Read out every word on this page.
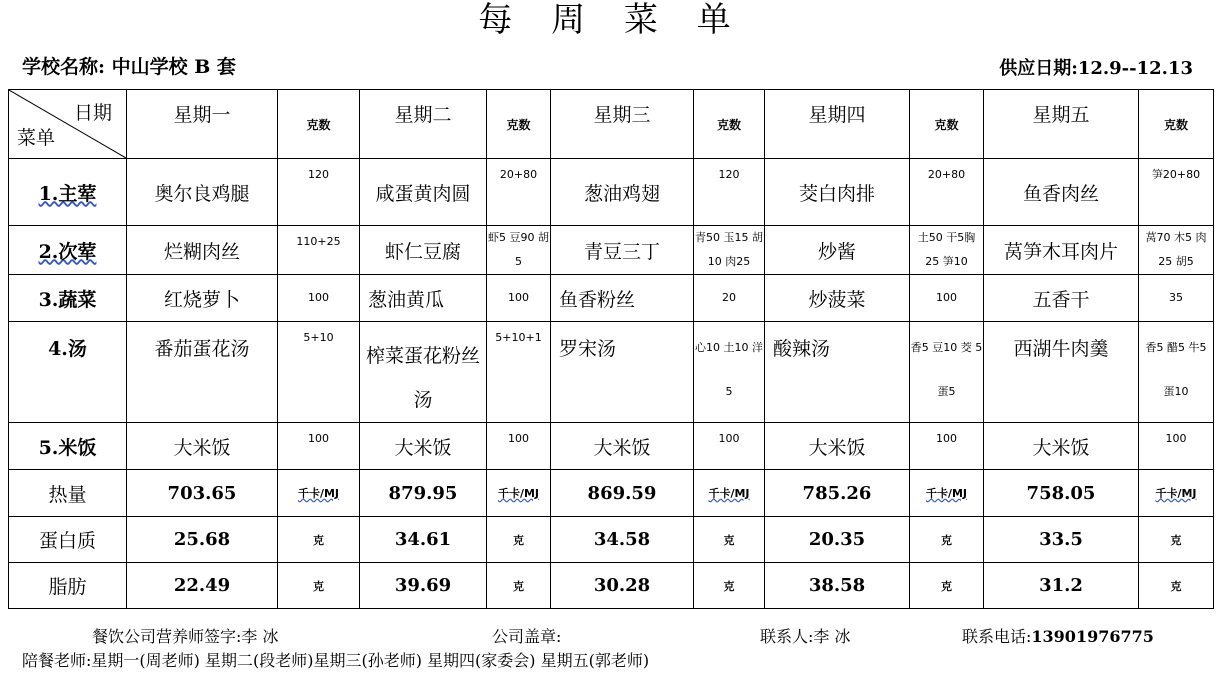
每 周 菜 单
学校名称: 中山学校 B 套	供应日期:12.9--12.13
日期
菜单	星期一	克数	星期二	克数	星期三	克数	星期四	克数	星期五	克数
1.主荤	奥尔良鸡腿	120	咸蛋黄肉圆	20+80	葱油鸡翅	120	茭白肉排	20+80	鱼香肉丝	笋20+80
2.次荤	烂糊肉丝	110+25	虾仁豆腐	虾5 豆90 胡5	青豆三丁	青50 玉15 胡10 肉25	炒酱	土50 干5胸 25 笋10	莴笋木耳肉片	莴70 木5 肉 25 胡5
3.蔬菜	红烧萝卜	100	葱油黄瓜	100	鱼香粉丝	20	炒菠菜	100	五香干	35
4.汤	番茄蛋花汤	5+10	榨菜蛋花粉丝汤	5+10+1	罗宋汤	心10 土10 洋5	酸辣汤	香5 豆10 茭 5 蛋5	西湖牛肉羹	香5 醋5 牛5 蛋10
5.米饭	大米饭	100	大米饭	100	大米饭	100	大米饭	100	大米饭	100
热量	703.65	千卡/MJ	879.95	千卡/MJ	869.59	千卡/MJ	785.26	千卡/MJ	758.05	千卡/MJ
蛋白质	25.68	克	34.61	克	34.58	克	20.35	克	33.5	克
脂肪	22.49	克	39.69	克	30.28	克	38.58	克	31.2	克
餐饮公司营养师签字:李 冰	公司盖章:	联系人:李 冰	联系电话:13901976775
陪餐老师:星期一(周老师) 星期二(段老师)星期三(孙老师) 星期四(家委会) 星期五(郭老师)
